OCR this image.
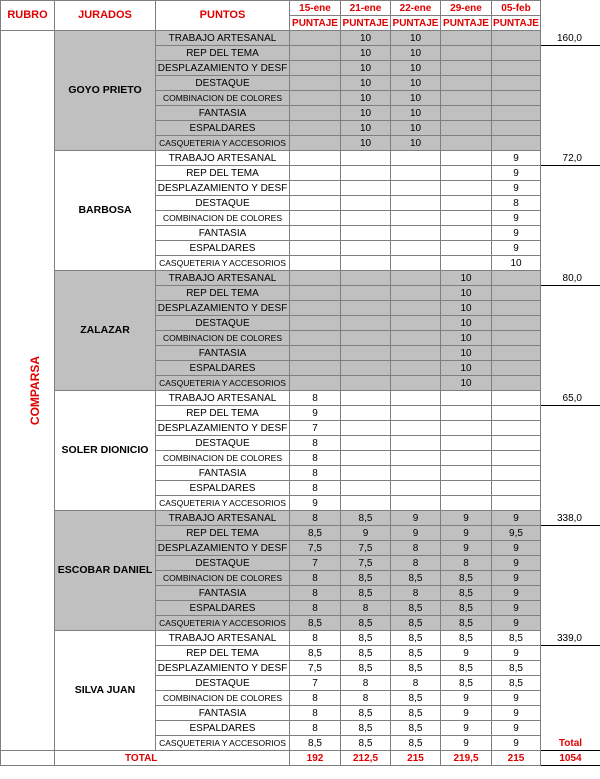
RUBRO	JURADOS	PUNTOS	15-ene	21-ene	22-ene	29-ene	05-feb	
			PUNTAJE	PUNTAJE	PUNTAJE	PUNTAJE	PUNTAJE	
COMPARSA	GOYO PRIETO	TRABAJO ARTESANAL		10	10			160,0
		REP DEL TEMA		10	10			
		DESPLAZAMIENTO Y DESF		10	10			
		DESTAQUE		10	10			
		COMBINACION DE COLORES		10	10			
		FANTASIA		10	10			
		ESPALDARES		10	10			
		CASQUETERIA Y ACCESORIOS		10	10			
	BARBOSA	TRABAJO ARTESANAL					9	72,0
		REP DEL TEMA					9	
		DESPLAZAMIENTO Y DESF					9	
		DESTAQUE					8	
		COMBINACION DE COLORES					9	
		FANTASIA					9	
		ESPALDARES					9	
		CASQUETERIA Y ACCESORIOS					10	
	ZALAZAR	TRABAJO ARTESANAL				10		80,0
		REP DEL TEMA				10		
		DESPLAZAMIENTO Y DESF				10		
		DESTAQUE				10		
		COMBINACION DE COLORES				10		
		FANTASIA				10		
		ESPALDARES				10		
		CASQUETERIA Y ACCESORIOS				10		
	SOLER DIONICIO	TRABAJO ARTESANAL	8					65,0
		REP DEL TEMA	9					
		DESPLAZAMIENTO Y DESF	7					
		DESTAQUE	8					
		COMBINACION DE COLORES	8					
		FANTASIA	8					
		ESPALDARES	8					
		CASQUETERIA Y ACCESORIOS	9					
	ESCOBAR DANIEL	TRABAJO ARTESANAL	8	8,5	9	9	9	338,0
		REP DEL TEMA	8,5	9	9	9	9,5	
		DESPLAZAMIENTO Y DESF	7,5	7,5	8	9	9	
		DESTAQUE	7	7,5	8	8	9	
		COMBINACION DE COLORES	8	8,5	8,5	8,5	9	
		FANTASIA	8	8,5	8	8,5	9	
		ESPALDARES	8	8	8,5	8,5	9	
		CASQUETERIA Y ACCESORIOS	8,5	8,5	8,5	8,5	9	
	SILVA JUAN	TRABAJO ARTESANAL	8	8,5	8,5	8,5	8,5	339,0
		REP DEL TEMA	8,5	8,5	8,5	9	9	
		DESPLAZAMIENTO Y DESF	7,5	8,5	8,5	8,5	8,5	
		DESTAQUE	7	8	8	8,5	8,5	
		COMBINACION DE COLORES	8	8	8,5	9	9	
		FANTASIA	8	8,5	8,5	9	9	
		ESPALDARES	8	8,5	8,5	9	9	
		CASQUETERIA Y ACCESORIOS	8,5	8,5	8,5	9	9	Total
	TOTAL		192	212,5	215	219,5	215	1054
